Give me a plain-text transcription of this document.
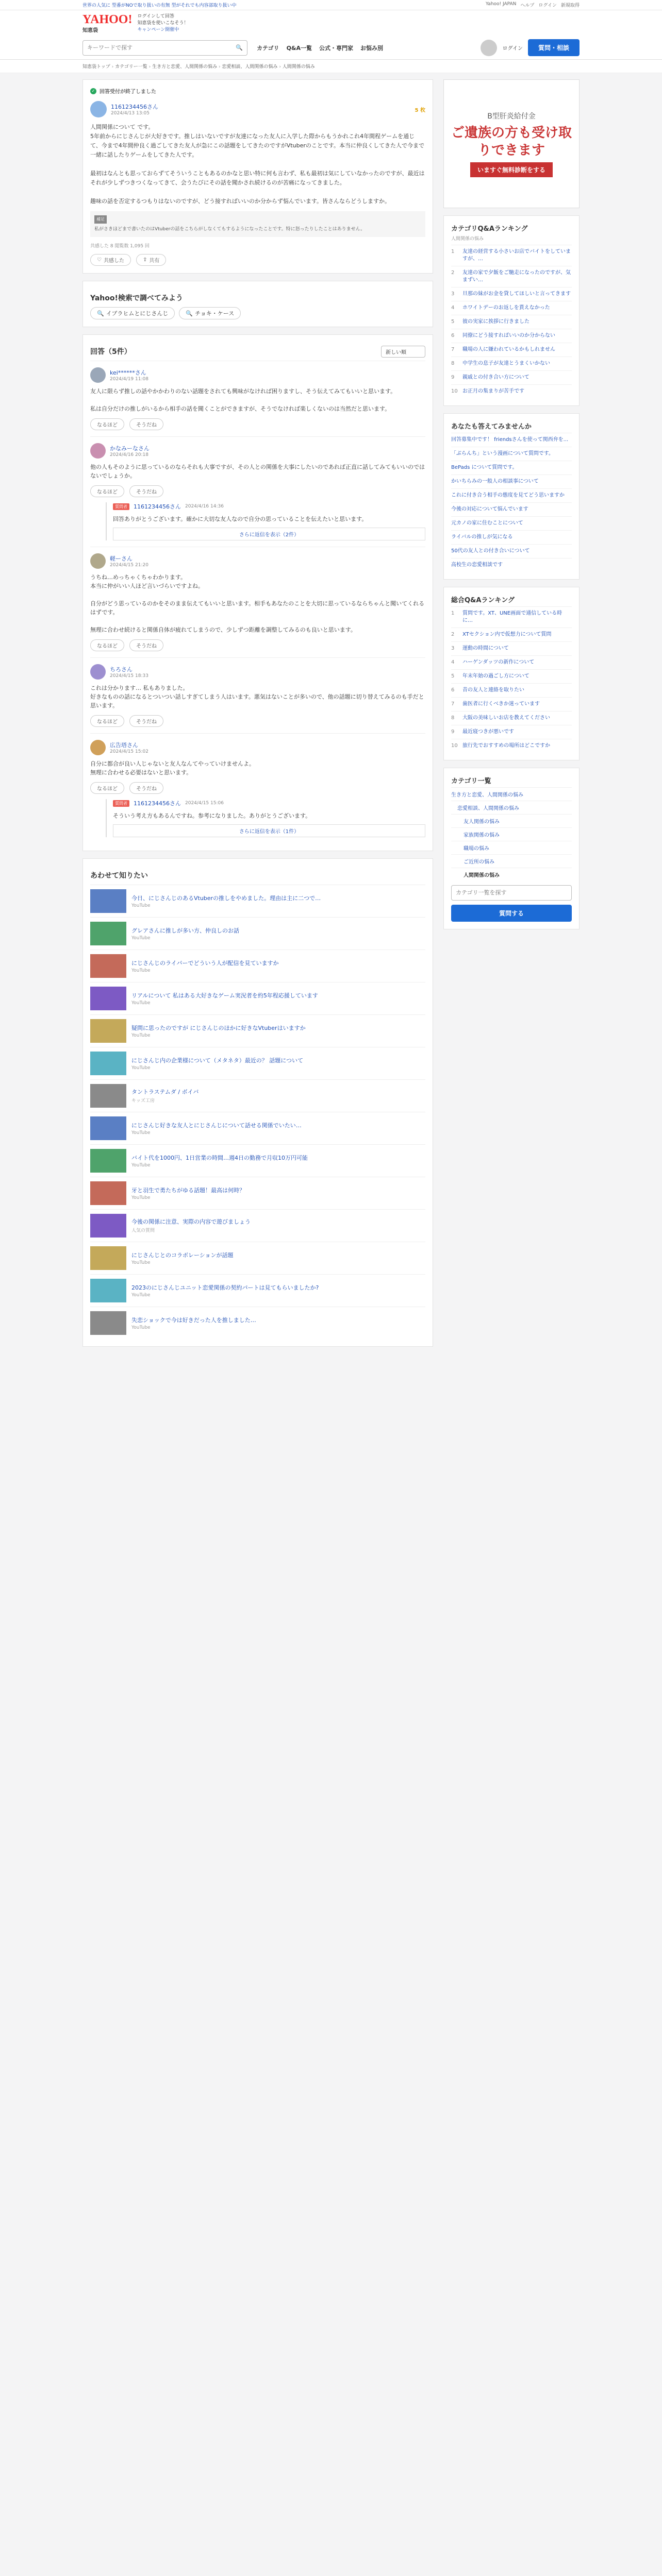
世界の人気に 型番がNOで取り扱いの有無 型がそれでも内容部取り扱い中	Yahoo! JAPAN ヘルプ ログイン 新規取得
YAHOO!
知恵袋
ログインして回答
知恵袋を使いこなそう！
キャンペーン開催中
キーワードで探す
🔍 カテゴリ Q&A一覧 公式・専門家 お悩み別	ログイン	質問・相談
知恵袋トップ › カテゴリー一覧 › 生き方と恋愛、人間関係の悩み › 恋愛相談、人間関係の悩み › 人間関係の悩み
✓ 回答受付が終了しました
1161234456さん
2024/4/13 13:05
5 枚
人間関係について です。
5年前からにじさんじが大好きです。推しはいないですが友達になった友人に入学した際からもうかれこれ4年間程ゲームを通じて、今まで4年間仲良く過ごしてきた友人が急にこの話題をしてきたのですがVtuberのことです。本当に仲良くしてきた人で今まで一緒に話したりゲームをしてきた人です。

最初はなんとも思っておらずてそういうこともあるのかなと思い特に何も言わず、私も最初は気にしていなかったのですが、最近はそれが少しずつきつくなってきて、会うたびにその話を聞かされ続けるのが苦痛になってきました。

趣味の話を否定するつもりはないのですが、どう接すればいいのか分からず悩んでいます。皆さんならどうしますか。
補足
私がさきほどまで書いたのはVtuberの話をこちらがしなくてもするようになったことです。特に怒ったりしたことはありません。
共感した 8 閲覧数 1,095 回
♡ 共感した	⇪ 共有
Yahoo!検索で調べてみよう
🔍 イブラヒムとにじさんじ	🔍 チョキ・ケース
回答（5件）	新しい順
kei******さん
2024/4/19 11:08
友人に限らず推しの話やかかわりのない話題をされても興味がなければ困りますし、そう伝えてみてもいいと思います。

私は自分だけの推しがいるから相手の話を聞くことができますが、そうでなければ楽しくないのは当然だと思います。
なるほど	そうだね
かなみーなさん
2024/4/16 20:18
他の人もそのように思っているのならそれも大事ですが、その人との関係を大事にしたいのであれば正直に話してみてもいいのではないでしょうか。
なるほど	そうだね
質問者	1161234456さん 2024/4/16 14:36
回答ありがとうございます。確かに大切な友人なので自分の思っていることを伝えたいと思います。
さらに返信を表示（2件）
軽ーさん
2024/4/15 21:20
うちね…めっちゃくちゃわかります。
本当に仲がいい人ほど言いづらいですよね。

自分がどう思っているのかをそのまま伝えてもいいと思います。相手もあなたのことを大切に思っているならちゃんと聞いてくれるはずです。

無理に合わせ続けると関係自体が疲れてしまうので、少しずつ距離を調整してみるのも良いと思います。
なるほど	そうだね
ちろさん
2024/4/15 18:33
これは分かります… 私もありました。
好きなものの話になるとついつい話しすぎてしまう人はいます。悪気はないことが多いので、他の話題に切り替えてみるのも手だと思います。
なるほど	そうだね
広告塔さん
2024/4/15 15:02
自分に都合が良い人じゃないと友人なんてやっていけませんよ。
無理に合わせる必要はないと思います。
なるほど	そうだね
質問者	1161234456さん 2024/4/15 15:06
そういう考え方もあるんですね。参考になりました。ありがとうございます。
さらに返信を表示（1件）
あわせて知りたい
今日、にじさんじのあるVtuberの推しをやめました。理由は主に二つで…
YouTube
グレアさんに推しが多い方、仲良しのお話
YouTube
にじさんじのライバーでどういう人が配信を見ていますか
YouTube
リアルについて 私はある大好きなゲーム実況者を約5年程応援しています
YouTube
疑問に思ったのですが にじさんじのほかに好きなVtuberはいますか
YouTube
にじさんじ内の企業様について（メタネタ）最近の？ 話題について
YouTube
タントラステムダ / ボイバ
キッズ工房
にじさんじ好きな友人とにじさんじについて話せる関係でいたい…
YouTube
バイト代を1000円、1日営業の時間…週4日の勤務で月収10万円可能
YouTube
牙と羽生で勇たちがゆる話題！最高は何時？
YouTube
今後の関係に注意、実際の内容で遊びましょう
人気の質問
にじさんじとのコラボレーションが話題
YouTube
2023のにじさんじユニット恋愛関係の契約パートは見てもらいましたか?
YouTube
失恋ショックで今は好きだった人を推しました…
YouTube
B型肝炎給付金
ご遺族の方も受け取りできます
いますぐ無料診断をする
カテゴリQ&Aランキング
人間関係の悩み
1	友達の経営する小さいお店でバイトをしていますが、…
2	友達の家で夕飯をご馳走になったのですが、気まずい…
3	旦那の妹がお金を貸してほしいと言ってきます
4	ホワイトデーのお返しを貰えなかった
5	彼の実家に挨拶に行きました
6	同僚にどう接すればいいのか分からない
7	職場の人に嫌われているかもしれません
8	中学生の息子が友達とうまくいかない
9	親戚との付き合い方について
10 お正月の集まりが苦手です
あなたも答えてみませんか
回答募集中です！ friendsさんを使って関西弁を...
「ぶらんち」という漫画について質問です。
BePads について質問です。
かいちらみの一般人の相談事について
これに付き合う相手の態度を見てどう思いますか
今後の対応について悩んでいます
元カノの家に住むことについて
ライバルの推しが気になる
50代の友人との付き合いについて
高校生の恋愛相談です
総合Q&Aランキング
1	質問です。XT、UNE画面で通信している時に…
2	XTセクション内で仮想力について質問
3	運動の時間について
4	ハーゲンダッツの新作について
5	年末年始の過ごし方について
6	昔の友人と連絡を取りたい
7	歯医者に行くべきか迷っています
8	大阪の美味しいお店を教えてください
9	最近寝つきが悪いです
10 旅行先でおすすめの場所はどこですか
カテゴリ一覧
生き方と恋愛、人間関係の悩み
恋愛相談、人間関係の悩み
友人関係の悩み
家族関係の悩み
職場の悩み
ご近所の悩み
人間関係の悩み
カテゴリ一覧を探す
質問する
